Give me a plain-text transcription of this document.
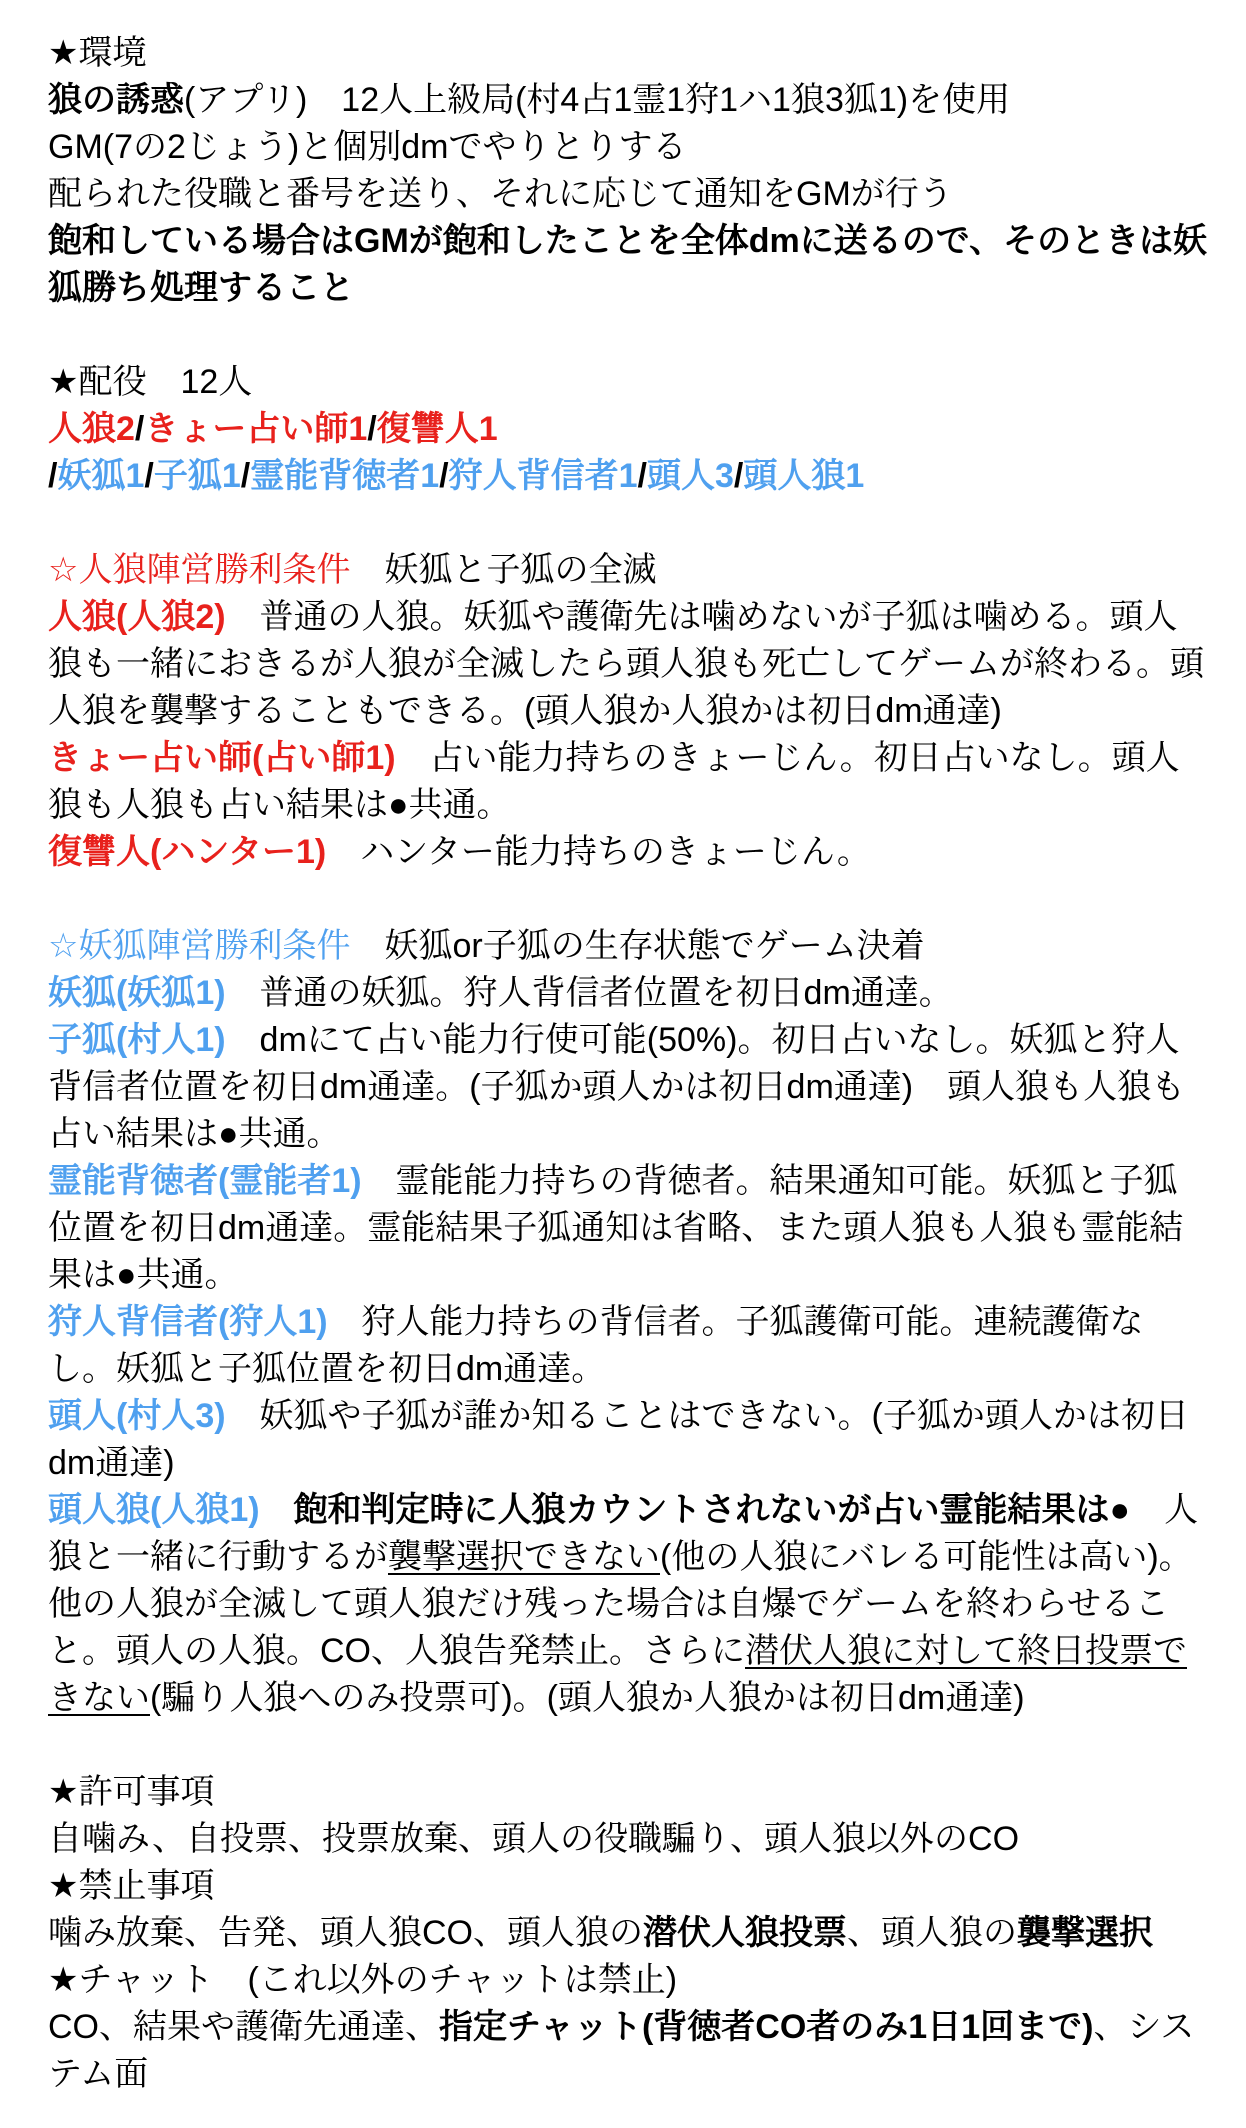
★環境

狼の誘惑(アプリ)　12人上級局(村4占1霊1狩1ハ1狼3狐1)を使用

GM(7の2じょう)と個別dmでやりとりする

配られた役職と番号を送り、それに応じて通知をGMが行う

飽和している場合はGMが飽和したことを全体dmに送るので、そのときは妖狐勝ち処理すること

★配役　12人

人狼2/きょー占い師1/復讐人1

/妖狐1/子狐1/霊能背徳者1/狩人背信者1/頭人3/頭人狼1

☆人狼陣営勝利条件　妖狐と子狐の全滅

人狼(人狼2)　普通の人狼。妖狐や護衛先は噛めないが子狐は噛める。頭人狼も一緒におきるが人狼が全滅したら頭人狼も死亡してゲームが終わる。頭人狼を襲撃することもできる。(頭人狼か人狼かは初日dm通達)

きょー占い師(占い師1)　占い能力持ちのきょーじん。初日占いなし。頭人狼も人狼も占い結果は●共通。

復讐人(ハンター1)　ハンター能力持ちのきょーじん。

☆妖狐陣営勝利条件　妖狐or子狐の生存状態でゲーム決着

妖狐(妖狐1)　普通の妖狐。狩人背信者位置を初日dm通達。

子狐(村人1)　dmにて占い能力行使可能(50%)。初日占いなし。妖狐と狩人背信者位置を初日dm通達。(子狐か頭人かは初日dm通達)　頭人狼も人狼も占い結果は●共通。

霊能背徳者(霊能者1)　霊能能力持ちの背徳者。結果通知可能。妖狐と子狐位置を初日dm通達。霊能結果子狐通知は省略、また頭人狼も人狼も霊能結果は●共通。

狩人背信者(狩人1)　狩人能力持ちの背信者。子狐護衛可能。連続護衛なし。妖狐と子狐位置を初日dm通達。

頭人(村人3)　妖狐や子狐が誰か知ることはできない。(子狐か頭人かは初日dm通達)

頭人狼(人狼1)　飽和判定時に人狼カウントされないが占い霊能結果は●　人狼と一緒に行動するが襲撃選択できない(他の人狼にバレる可能性は高い)。他の人狼が全滅して頭人狼だけ残った場合は自爆でゲームを終わらせること。頭人の人狼。CO、人狼告発禁止。さらに潜伏人狼に対して終日投票できない(騙り人狼へのみ投票可)。(頭人狼か人狼かは初日dm通達)

★許可事項

自噛み、自投票、投票放棄、頭人の役職騙り、頭人狼以外のCO

★禁止事項

噛み放棄、告発、頭人狼CO、頭人狼の潜伏人狼投票、頭人狼の襲撃選択

★チャット　(これ以外のチャットは禁止)

CO、結果や護衛先通達、指定チャット(背徳者CO者のみ1日1回まで)、システム面
